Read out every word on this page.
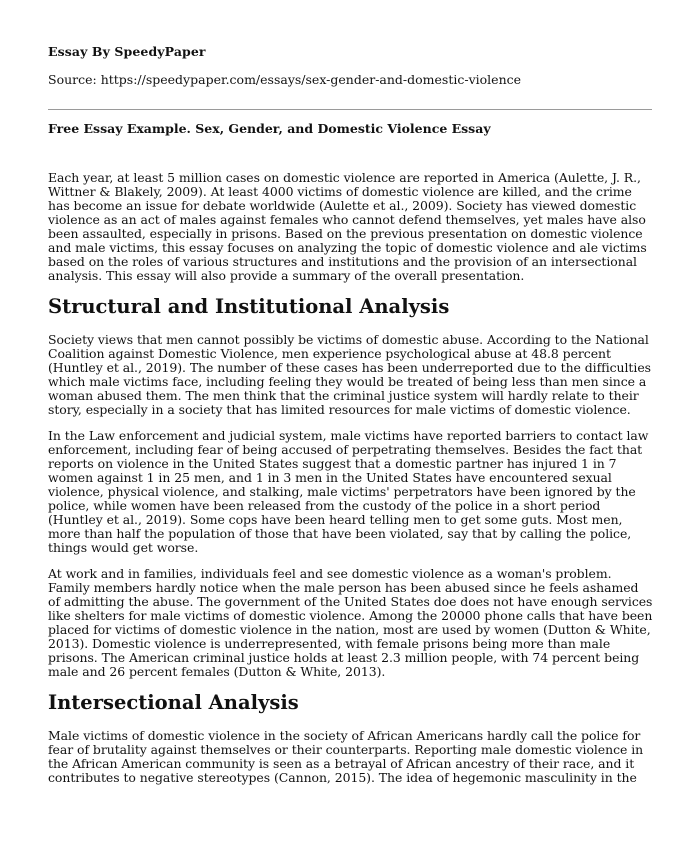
Essay By SpeedyPaper
Source: https://speedypaper.com/essays/sex-gender-and-domestic-violence
Free Essay Example. Sex, Gender, and Domestic Violence Essay

Each year, at least 5 million cases on domestic violence are reported in America (Aulette, J. R., Wittner & Blakely, 2009). At least 4000 victims of domestic violence are killed, and the crime has become an issue for debate worldwide (Aulette et al., 2009). Society has viewed domestic violence as an act of males against females who cannot defend themselves, yet males have also been assaulted, especially in prisons. Based on the previous presentation on domestic violence and male victims, this essay focuses on analyzing the topic of domestic violence and ale victims based on the roles of various structures and institutions and the provision of an intersectional analysis. This essay will also provide a summary of the overall presentation.

Structural and Institutional Analysis

Society views that men cannot possibly be victims of domestic abuse. According to the National Coalition against Domestic Violence, men experience psychological abuse at 48.8 percent (Huntley et al., 2019). The number of these cases has been underreported due to the difficulties which male victims face, including feeling they would be treated of being less than men since a woman abused them. The men think that the criminal justice system will hardly relate to their story, especially in a society that has limited resources for male victims of domestic violence.

In the Law enforcement and judicial system, male victims have reported barriers to contact law enforcement, including fear of being accused of perpetrating themselves. Besides the fact that reports on violence in the United States suggest that a domestic partner has injured 1 in 7 women against 1 in 25 men, and 1 in 3 men in the United States have encountered sexual violence, physical violence, and stalking, male victims' perpetrators have been ignored by the police, while women have been released from the custody of the police in a short period (Huntley et al., 2019). Some cops have been heard telling men to get some guts. Most men, more than half the population of those that have been violated, say that by calling the police, things would get worse.

At work and in families, individuals feel and see domestic violence as a woman's problem. Family members hardly notice when the male person has been abused since he feels ashamed of admitting the abuse. The government of the United States doe does not have enough services like shelters for male victims of domestic violence. Among the 20000 phone calls that have been placed for victims of domestic violence in the nation, most are used by women (Dutton & White, 2013). Domestic violence is underrepresented, with female prisons being more than male prisons. The American criminal justice holds at least 2.3 million people, with 74 percent being male and 26 percent females (Dutton & White, 2013).

Intersectional Analysis

Male victims of domestic violence in the society of African Americans hardly call the police for fear of brutality against themselves or their counterparts. Reporting male domestic violence in the African American community is seen as a betrayal of African ancestry of their race, and it contributes to negative stereotypes (Cannon, 2015). The idea of hegemonic masculinity in the
